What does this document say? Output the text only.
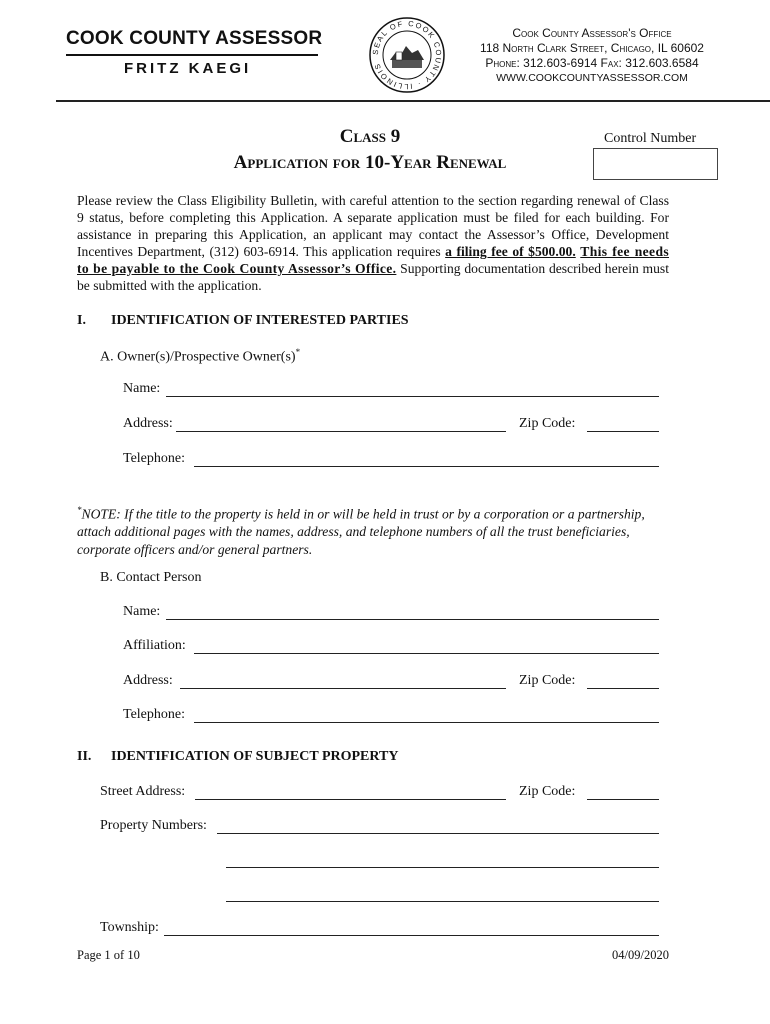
COOK COUNTY ASSESSOR
FRITZ KAEGI
SEAL OF COOK COUNTY · ILLINOIS
Cook County Assessor's Office
118 North Clark Street, Chicago, IL 60602
Phone: 312.603-6914 Fax: 312.603.6584
WWW.COOKCOUNTYASSESSOR.COM
Class 9
Application for 10-Year Renewal
Control Number
Please review the Class Eligibility Bulletin, with careful attention to the section regarding renewal of Class 9 status, before completing this Application. A separate application must be filed for each building. For assistance in preparing this Application, an applicant may contact the Assessor’s Office, Development Incentives Department, (312) 603-6914. This application requires a filing fee of $500.00. This fee needs to be payable to the Cook County Assessor’s Office. Supporting documentation described herein must be submitted with the application.
I. IDENTIFICATION OF INTERESTED PARTIES
A. Owner(s)/Prospective Owner(s)*
Name:
Address:	Zip Code:
Telephone:
*NOTE: If the title to the property is held in or will be held in trust or by a corporation or a partnership, attach additional pages with the names, address, and telephone numbers of all the trust beneficiaries, corporate officers and/or general partners.
B. Contact Person
Name:
Affiliation:
Address:	Zip Code:
Telephone:
II. IDENTIFICATION OF SUBJECT PROPERTY
Street Address:	Zip Code:
Property Numbers:
Township:
Page 1 of 10	04/09/2020
